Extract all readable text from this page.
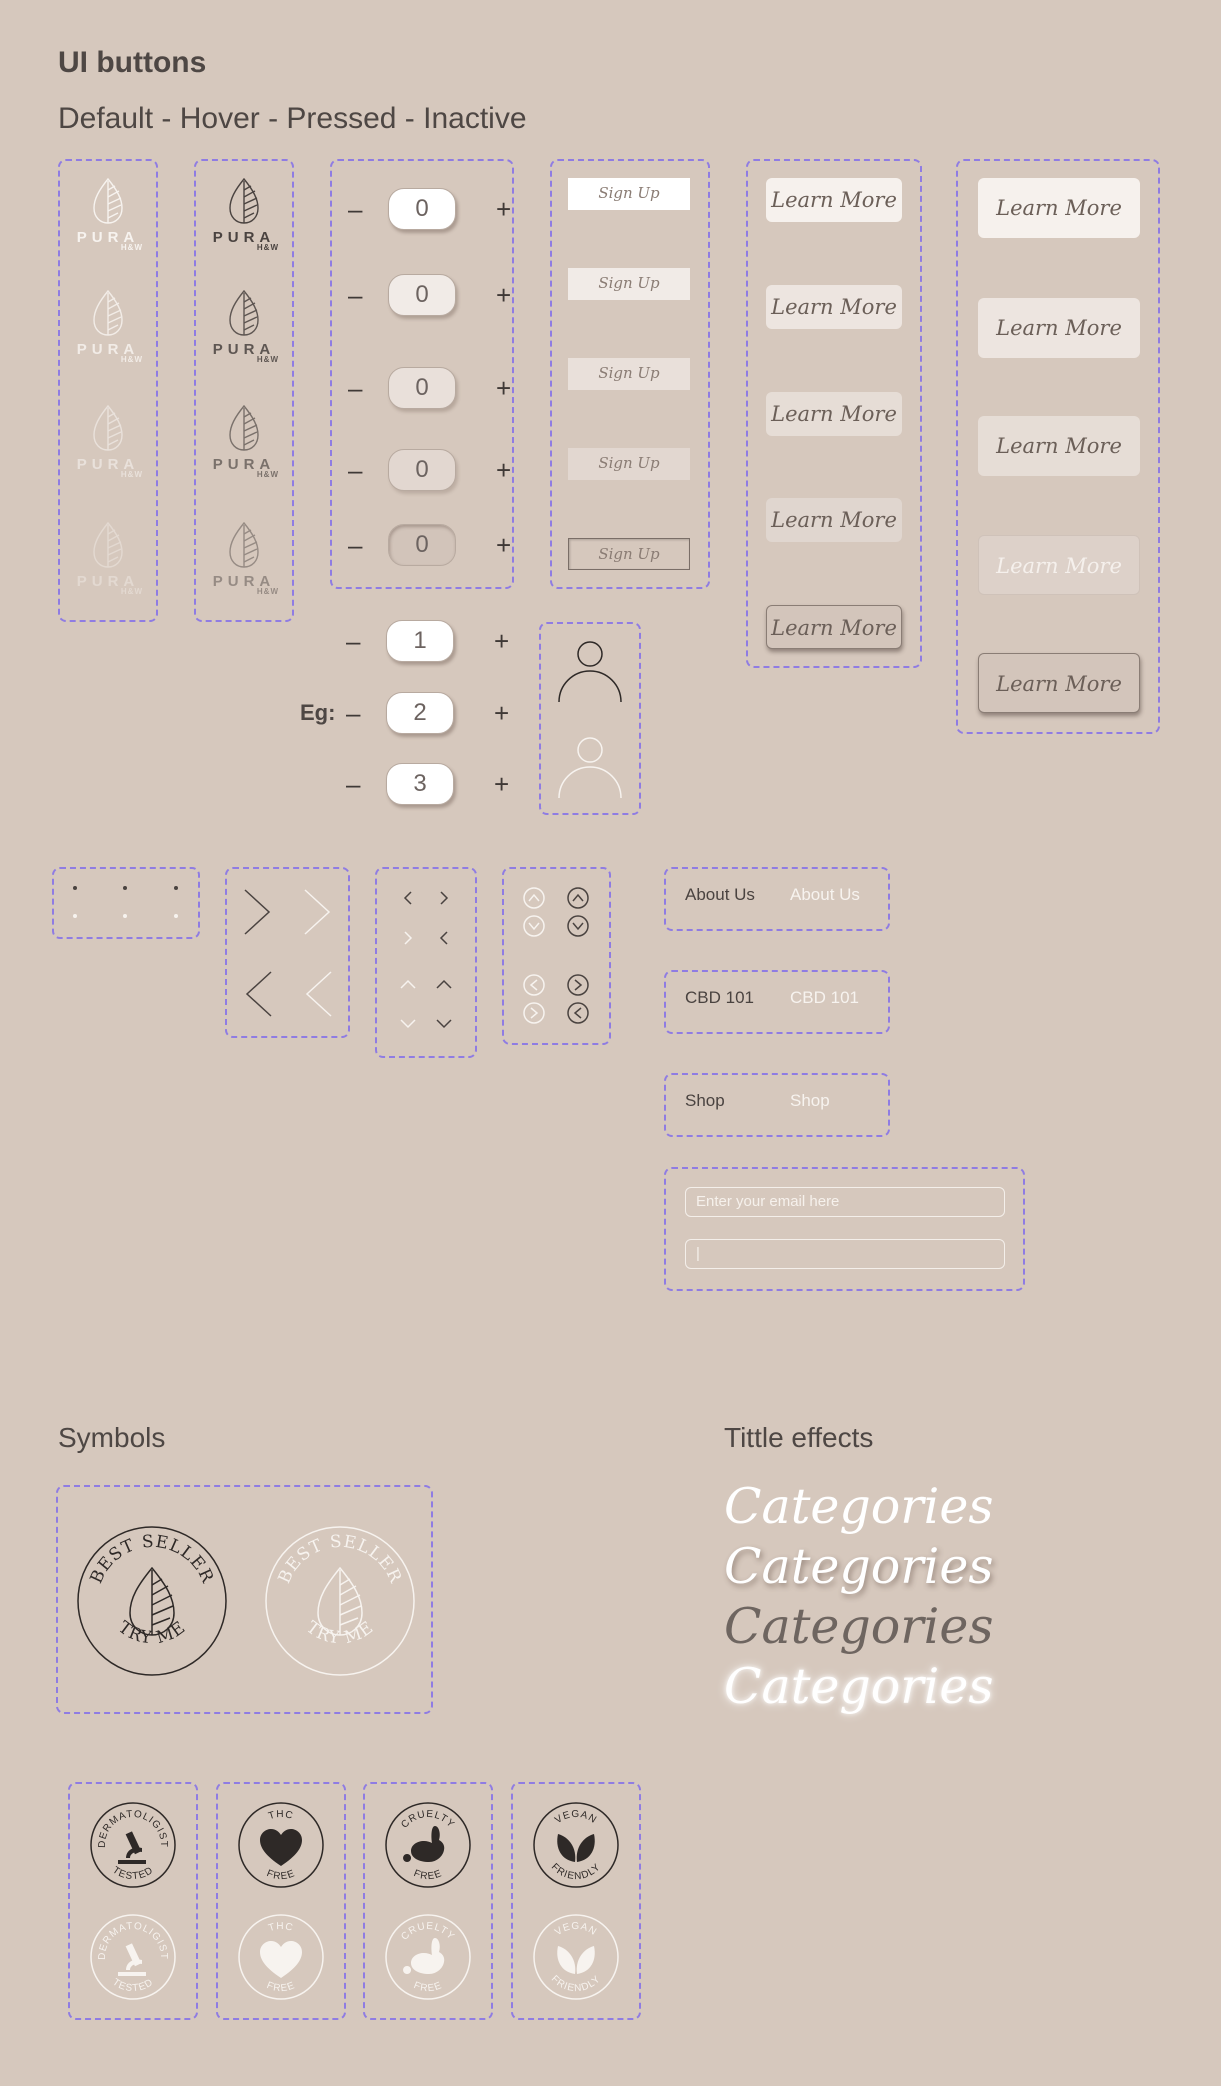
UI buttons
Default - Hover - Pressed - Inactive
Eg:
About Us About Us
CBD 101 CBD 101
Shop	Shop
Enter your email here
|
Symbols
BEST SELLER
TRY ME
BEST SELLER
TRY ME
Tittle effects
Categories
Categories
Categories
Categories
PURA
H&W
PURA
H&W
PURA
H&W
PURA
H&W
PURA
H&W
PURA
H&W
PURA
H&W
PURA
H&W
–	0	+
–	0	+
–	0	+
–	0	+
–	0	+
–	1	+
–	2	+
–	3	+
Sign Up
Sign Up
Sign Up
Sign Up
Sign Up
Learn More
Learn More
Learn More
Learn More
Learn More
Learn More
Learn More
Learn More
Learn More
Learn More
DERMATOLIGIST
TESTED
DERMATOLIGIST
TESTED
THC
FREE
THC
FREE
CRUELTY
FREE
CRUELTY
FREE
VEGAN
FRIENDLY
VEGAN
FRIENDLY
